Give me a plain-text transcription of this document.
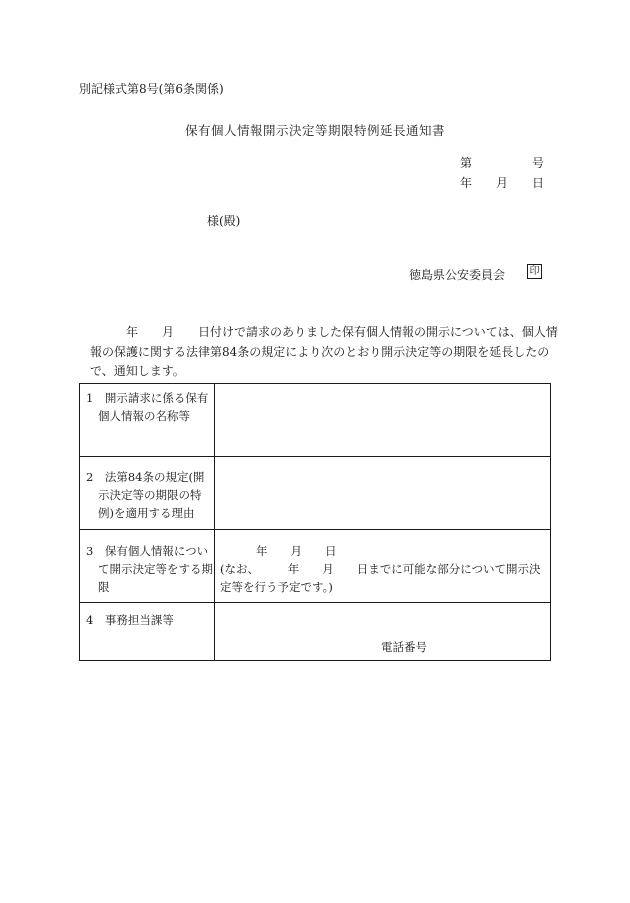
別記様式第8号(第6条関係)
保有個人情報開示決定等期限特例延長通知書
第　　　　　号
年　　月　　日
様(殿)
徳島県公安委員会 印
年　　月　　日付けで請求のありました保有個人情報の開示については、個人情
報の保護に関する法律第84条の規定により次のとおり開示決定等の期限を延長したの
で、通知します。
1　開示請求に係る保有
個人情報の名称等
2　法第84条の規定(開
示決定等の期限の特
例)を適用する理由
3　保有個人情報につい
て開示決定等をする期
限
年　　月　　日
(なお、　　　年　　月　　日までに可能な部分について開示決
定等を行う予定です。)
4　事務担当課等
電話番号
